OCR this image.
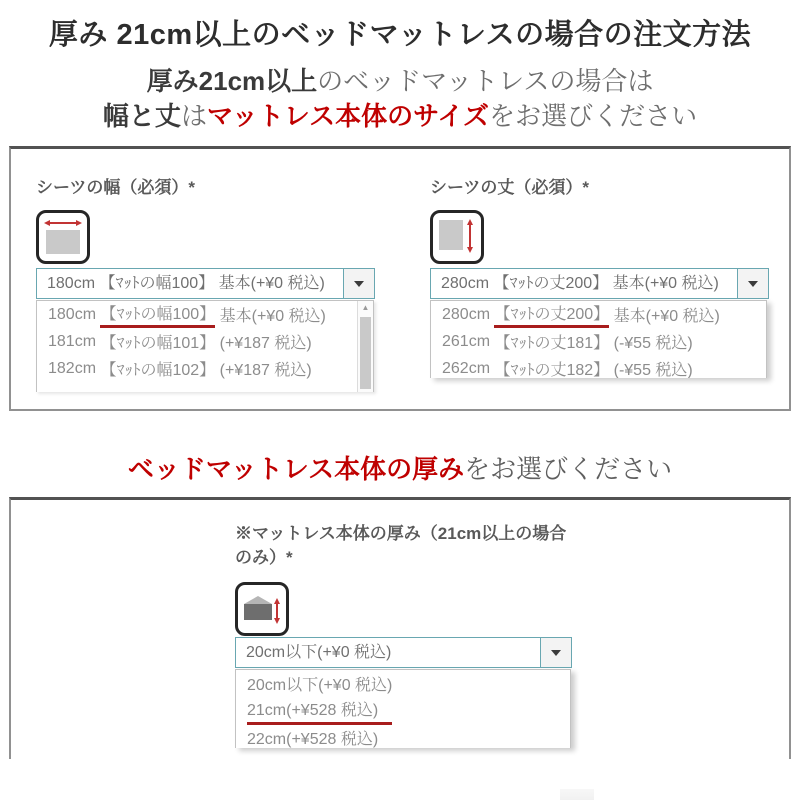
厚み 21cm以上のベッドマットレスの場合の注文方法
厚み21cm以上のベッドマットレスの場合は
幅と丈はマットレス本体のサイズをお選びください
シーツの幅（必須）*
180cm 【ﾏｯﾄの幅100】 基本(+¥0 税込)
180cm 【ﾏｯﾄの幅100】 基本(+¥0 税込)
181cm 【ﾏｯﾄの幅101】 (+¥187 税込)
182cm 【ﾏｯﾄの幅102】 (+¥187 税込)
▲
シーツの丈（必須）*
280cm 【ﾏｯﾄの丈200】 基本(+¥0 税込)
280cm 【ﾏｯﾄの丈200】 基本(+¥0 税込)
261cm 【ﾏｯﾄの丈181】 (-¥55 税込)
262cm 【ﾏｯﾄの丈182】 (-¥55 税込)
ベッドマットレス本体の厚みをお選びください
※マットレス本体の厚み（21cm以上の場合のみ）*
20cm以下(+¥0 税込)
20cm以下(+¥0 税込)
21cm(+¥528 税込)
22cm(+¥528 税込)
